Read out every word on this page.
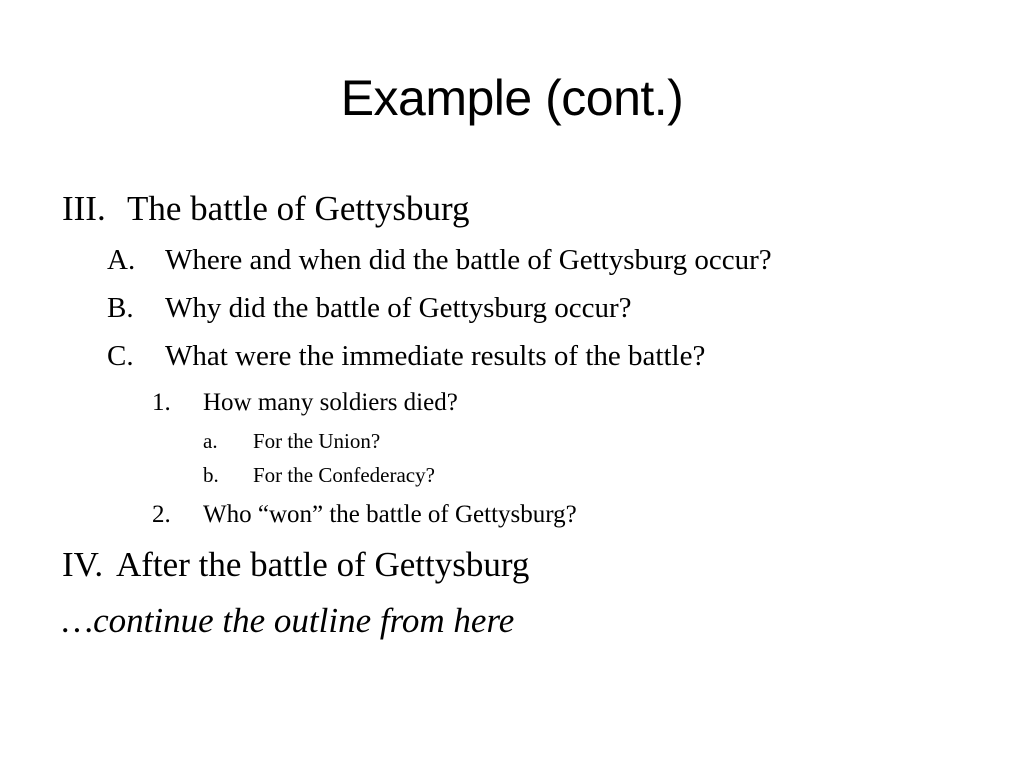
Example (cont.)
III. The battle of Gettysburg
A. Where and when did the battle of Gettysburg occur?
B. Why did the battle of Gettysburg occur?
C. What were the immediate results of the battle?
1. How many soldiers died?
a. For the Union?
b. For the Confederacy?
2. Who “won” the battle of Gettysburg?
IV. After the battle of Gettysburg
…continue the outline from here
